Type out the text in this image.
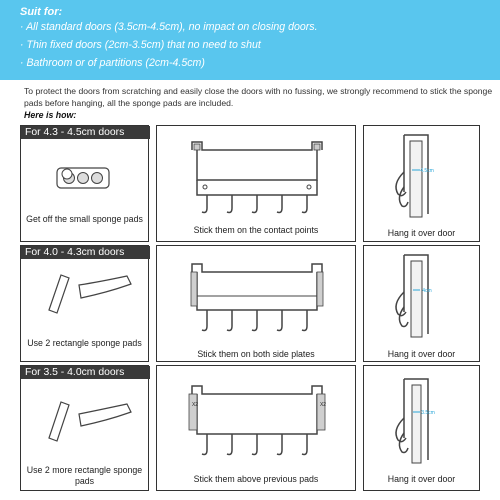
Suit for:
· All standard doors (3.5cm-4.5cm), no impact on closing doors.
· Thin fixed doors (2cm-3.5cm) that no need to shut
· Bathroom or of partitions (2cm-4.5cm)
To protect the doors from scratching and easily close the doors with no fussing, we strongly recommend to stick the sponge pads before hanging, all the sponge pads are included.
Here is how:
For 4.3 - 4.5cm doors
Get off the small sponge pads
Stick them on the contact points
4.5cm
Hang it over door
For 4.0 - 4.3cm doors
Use 2 rectangle sponge pads
Stick them on both side plates
4cm
Hang it over door
For 3.5 - 4.0cm doors
Use 2 more rectangle sponge pads
X2	X2
Stick them above previous pads
3.5cm
Hang it over door
